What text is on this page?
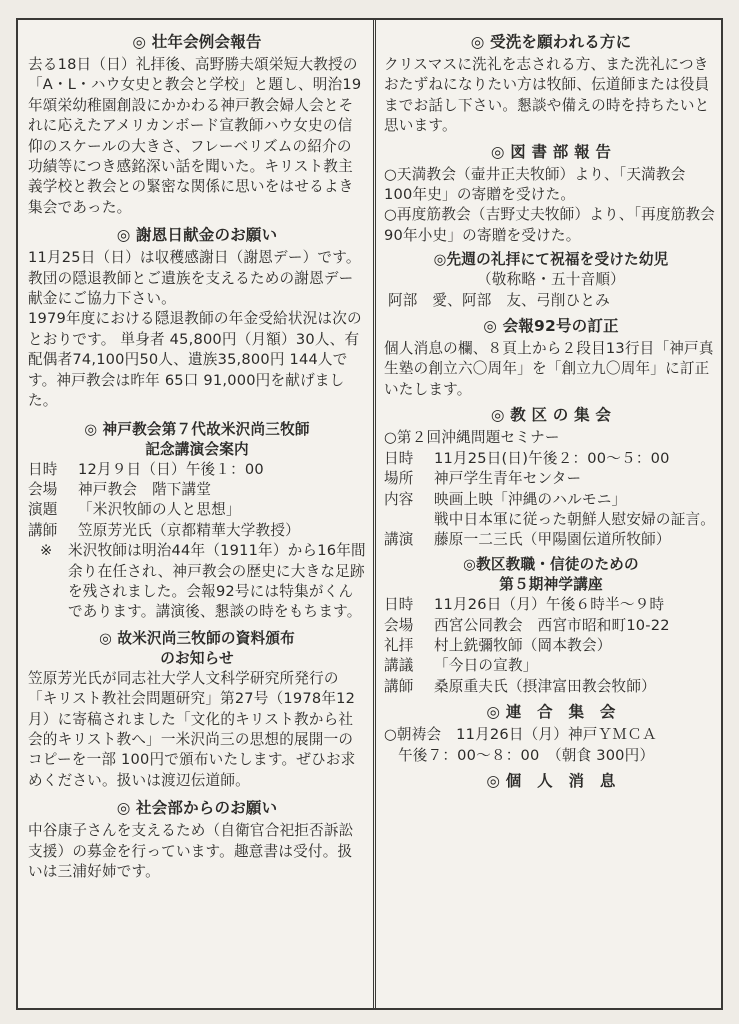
◎ 壮年会例会報告

去る18日（日）礼拝後、高野勝夫頌栄短大教授の「A・L・ハウ女史と教会と学校」と題し、明治19年頌栄幼稚園創設にかかわる神戸教会婦人会とそれに応えたアメリカンボード宣教師ハウ女史の信仰のスケールの大きさ、フレーベリズムの紹介の功績等につき感銘深い話を聞いた。キリスト教主義学校と教会との緊密な関係に思いをはせるよき集会であった。

◎ 謝恩日献金のお願い

11月25日（日）は収穫感謝日（謝恩デー）です。教団の隠退教師とご遺族を支えるための謝恩デー献金にご協力下さい。

1979年度における隠退教師の年金受給状況は次のとおりです。 単身者 45,800円（月額）30人、有配偶者74,100円50人、遺族35,800円 144人です。神戸教会は昨年 65口 91,000円を献げました。

◎ 神戸教会第７代故米沢尚三牧師
記念講演会案内
日時	12月９日（日）午後１：00
会場	神戸教会　階下講堂
演題	「米沢牧師の人と思想」
講師	笠原芳光氏（京都精華大学教授）
※	米沢牧師は明治44年（1911年）から16年間余り在任され、神戸教会の歴史に大きな足跡を残されました。会報92号には特集がくんであります。講演後、懇談の時をもちます。
◎ 故米沢尚三牧師の資料頒布
のお知らせ

笠原芳光氏が同志社大学人文科学研究所発行の「キリスト教社会問題研究」第27号（1978年12月）に寄稿されました「文化的キリスト教から社会的キリスト教へ」一米沢尚三の思想的展開一のコピーを一部 100円で頒布いたします。ぜひお求めください。扱いは渡辺伝道師。

◎ 社会部からのお願い

中谷康子さんを支えるため（自衛官合祀拒否訴訟支援）の募金を行っています。趣意書は受付。扱いは三浦好姉です。

◎ 受洗を願われる方に

クリスマスに洗礼を志される方、また洗礼につきおたずねになりたい方は牧師、伝道師または役員までお話し下さい。懇談や備えの時を持ちたいと思います。

◎ 図 書 部 報 告

○天満教会（壷井正夫牧師）より、「天満教会 100年史」の寄贈を受けた。

○再度筋教会（吉野丈夫牧師）より、「再度筋教会90年小史」の寄贈を受けた。

◎先週の礼拝にて祝福を受けた幼児

（敬称略・五十音順）

阿部　愛、阿部　友、弓削ひとみ

◎ 会報92号の訂正

個人消息の欄、８頁上から２段目13行目「神戸真生塾の創立六〇周年」を「創立九〇周年」に訂正いたします。

◎ 教 区 の 集 会

○第２回沖縄問題セミナー

日時	11月25日(日)午後２：00〜５：00
場所	神戸学生青年センター
内容	映画上映「沖縄のハルモニ」
戦中日本軍に従った朝鮮人慰安婦の証言。
講演	藤原一二三氏（甲陽園伝道所牧師）
◎教区教職・信徒のための

第５期神学講座

日時	11月26日（月）午後６時半〜９時
会場	西宮公同教会　西宮市昭和町10-22
礼拝	村上銑彌牧師（岡本教会）
講議	「今日の宣教」
講師	桑原重夫氏（摂津富田教会牧師）
◎ 連　合　集　会

○朝祷会　11月26日（月）神戸ＹＭＣＡ

午後７：00〜８：00　（朝食 300円）

◎ 個　人　消　息
